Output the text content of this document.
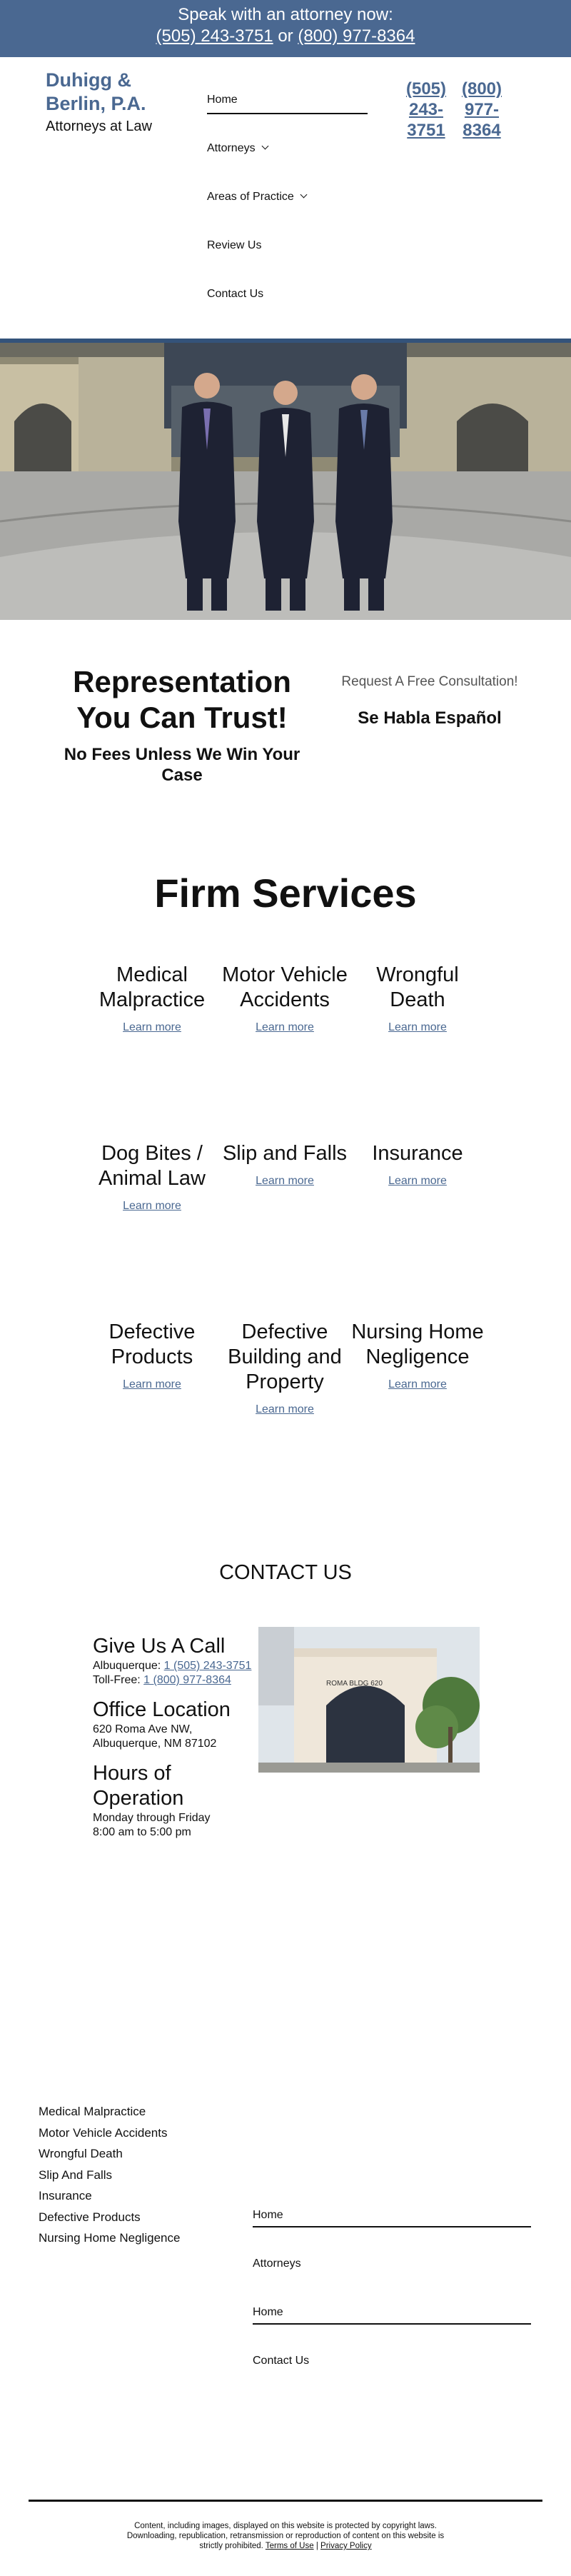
Speak with an attorney now:
(505) 243-3751 or (800) 977-8364
Duhigg & Berlin, P.A.
Attorneys at Law
Home
Attorneys
Areas of Practice
Review Us
Contact Us
(505) 243-3751
(800) 977-8364
Representation You Can Trust!
No Fees Unless We Win Your Case
Request A Free Consultation!
Se Habla Español
Firm Services
Medical Malpractice
Learn more
Motor Vehicle Accidents
Learn more
Wrongful Death
Learn more
Dog Bites / Animal Law
Learn more
Slip and Falls
Learn more
Insurance
Learn more
Defective Products
Learn more
Defective Building and Property
Learn more
Nursing Home Negligence
Learn more
CONTACT US
Give Us A Call

Albuquerque: 1 (505) 243-3751

Toll-Free: 1 (800) 977-8364

Office Location

620 Roma Ave NW,

Albuquerque, NM 87102

Hours of Operation

Monday through Friday

8:00 am to 5:00 pm

ROMA BLDG 620
Medical Malpractice
Motor Vehicle Accidents
Wrongful Death
Slip And Falls
Insurance
Defective Products
Nursing Home Negligence
Home
Attorneys
Home
Contact Us
Content, including images, displayed on this website is protected by copyright laws. Downloading, republication, retransmission or reproduction of content on this website is strictly prohibited. Terms of Use | Privacy Policy
